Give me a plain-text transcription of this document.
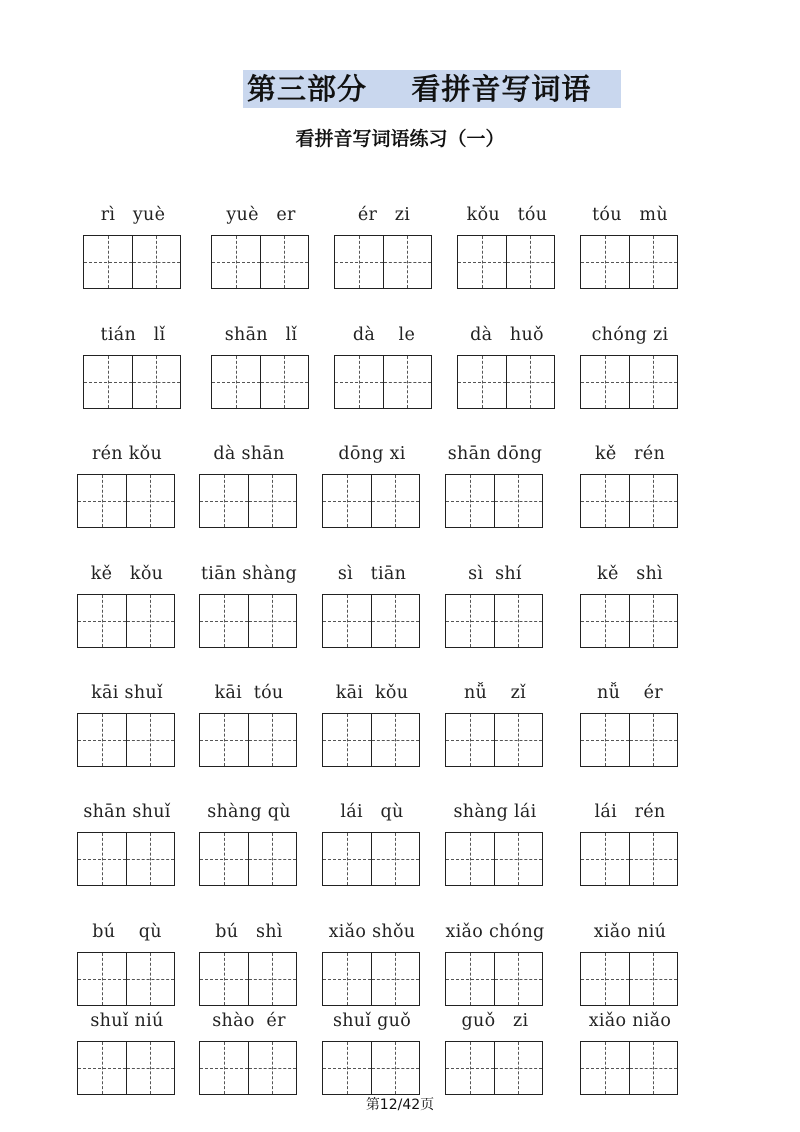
第三部分    看拼音写词语
看拼音写词语练习（一）
rì   yuè	yuè   er	ér   zi	kǒu   tóu	tóu   mù
tián   lǐ	shān   lǐ	dà    le	dà   huǒ	chóng zi
rén kǒu	dà shān	dōng xi	shān dōng	kě   rén
kě   kǒu	tiān shàng	sì   tiān	sì  shí	kě   shì
kāi shuǐ	kāi  tóu	kāi  kǒu	nǚ    zǐ	nǚ    ér
shān shuǐ	shàng qù	lái   qù	shàng lái	lái   rén
bú    qù	bú   shì	xiǎo shǒu	xiǎo chóng	xiǎo niú
shuǐ niú	shào  ér	shuǐ guǒ	guǒ   zi	xiǎo niǎo
第12/42页
